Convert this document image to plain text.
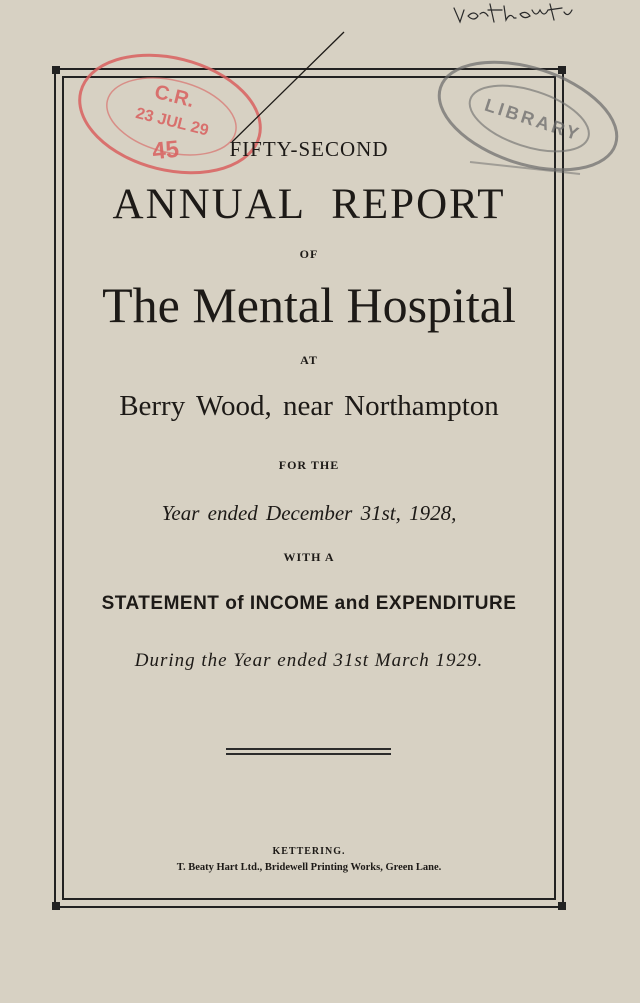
C.R.
23 JUL 29
45
LIBRARY
FIFTY-SECOND
ANNUAL REPORT
OF
The Mental Hospital
AT
Berry Wood, near Northampton
FOR THE
Year ended December 31st, 1928,
WITH A
STATEMENT of INCOME and EXPENDITURE
During the Year ended 31st March 1929.
KETTERING.
T. Beaty Hart Ltd., Bridewell Printing Works, Green Lane.
